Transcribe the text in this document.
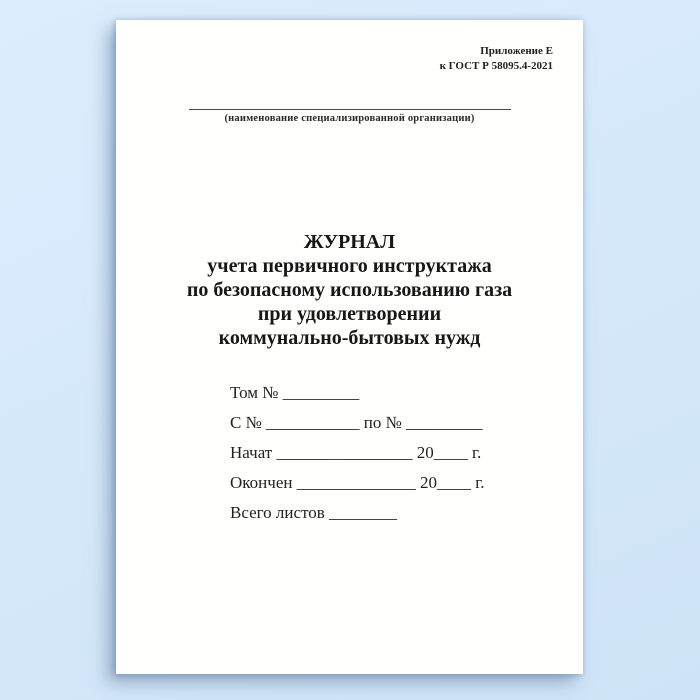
Приложение Е
к ГОСТ Р 58095.4-2021
(наименование специализированной организации)
ЖУРНАЛ
учета первичного инструктажа
по безопасному использованию газа
при удовлетворении
коммунально-бытовых нужд
Том № _________
С № ___________ по № _________
Начат ________________ 20____ г.
Окончен ______________ 20____ г.
Всего листов ________
